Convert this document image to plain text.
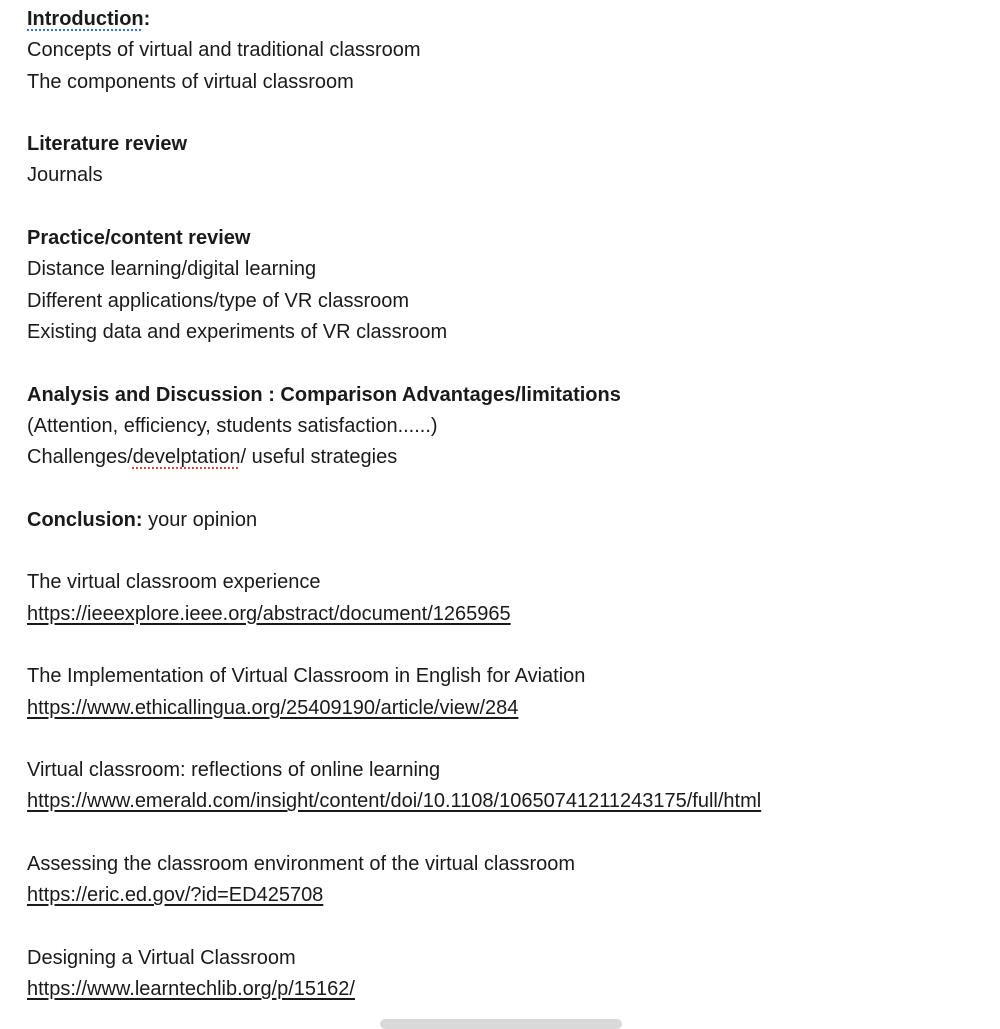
Introduction:
Concepts of virtual and traditional classroom
The components of virtual classroom
Literature review
Journals
Practice/content review
Distance learning/digital learning
Different applications/type of VR classroom
Existing data and experiments of VR classroom
Analysis and Discussion : Comparison Advantages/limitations
(Attention, efficiency, students satisfaction......)
Challenges/develptation/ useful strategies
Conclusion: your opinion
The virtual classroom experience
https://ieeexplore.ieee.org/abstract/document/1265965
The Implementation of Virtual Classroom in English for Aviation
https://www.ethicallingua.org/25409190/article/view/284
Virtual classroom: reflections of online learning
https://www.emerald.com/insight/content/doi/10.1108/10650741211243175/full/html
Assessing the classroom environment of the virtual classroom
https://eric.ed.gov/?id=ED425708
Designing a Virtual Classroom
https://www.learntechlib.org/p/15162/
